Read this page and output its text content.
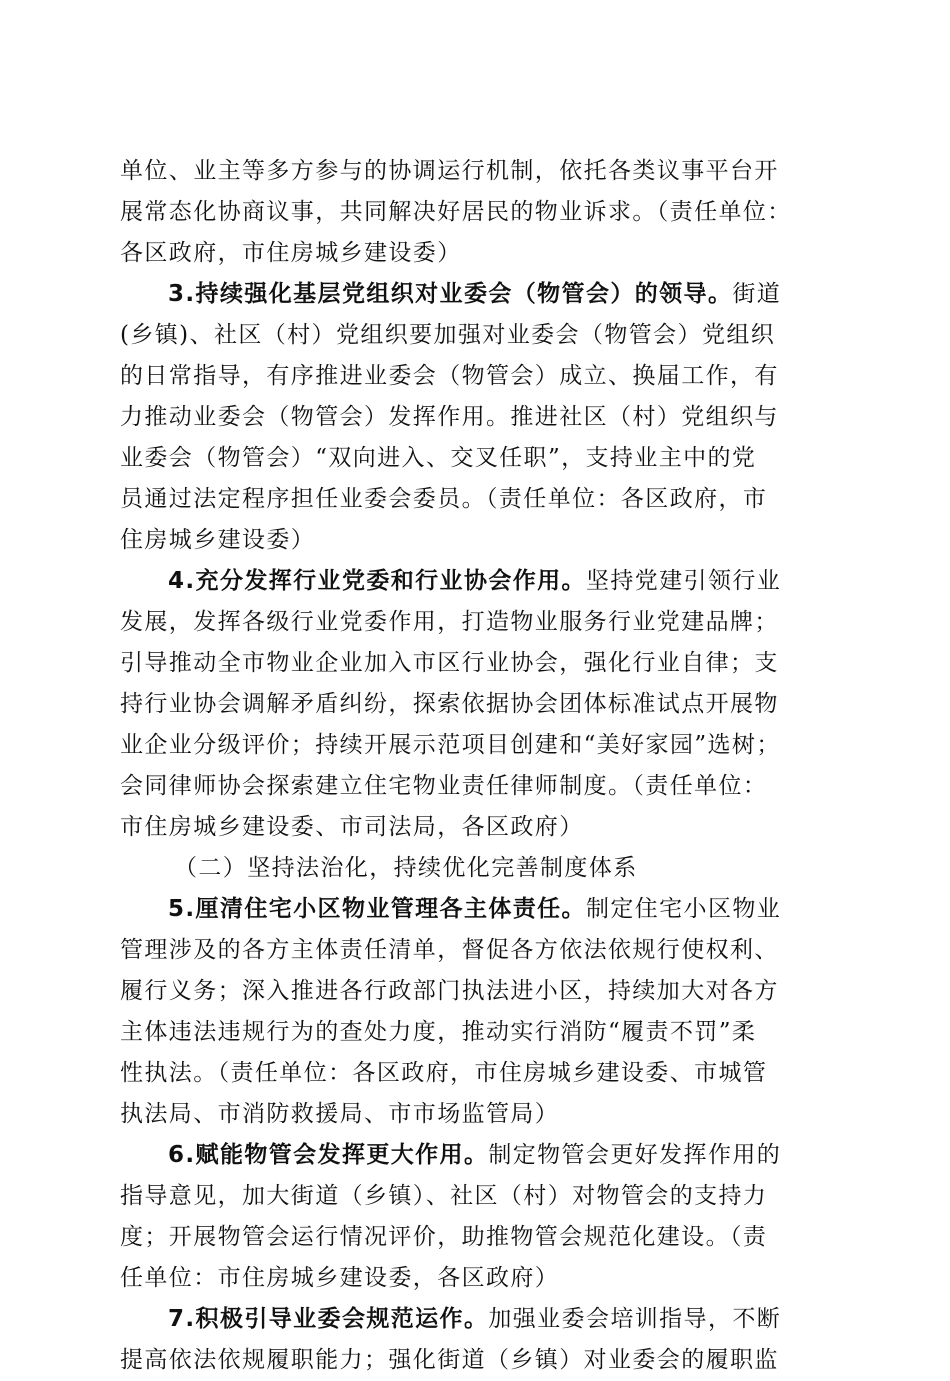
单位、业主等多方参与的协调运行机制，依托各类议事平台开
展常态化协商议事，共同解决好居民的物业诉求。（责任单位：
各区政府，市住房城乡建设委）
3.持续强化基层党组织对业委会（物管会）的领导。街道
(乡镇)、社区（村）党组织要加强对业委会（物管会）党组织
的日常指导，有序推进业委会（物管会）成立、换届工作，有
力推动业委会（物管会）发挥作用。推进社区（村）党组织与
业委会（物管会）“双向进入、交叉任职”，支持业主中的党
员通过法定程序担任业委会委员。（责任单位：各区政府，市
住房城乡建设委）
4.充分发挥行业党委和行业协会作用。坚持党建引领行业
发展，发挥各级行业党委作用，打造物业服务行业党建品牌；
引导推动全市物业企业加入市区行业协会，强化行业自律；支
持行业协会调解矛盾纠纷，探索依据协会团体标准试点开展物
业企业分级评价；持续开展示范项目创建和“美好家园”选树；
会同律师协会探索建立住宅物业责任律师制度。（责任单位：
市住房城乡建设委、市司法局，各区政府）
（二）坚持法治化，持续优化完善制度体系
5.厘清住宅小区物业管理各主体责任。制定住宅小区物业
管理涉及的各方主体责任清单，督促各方依法依规行使权利、
履行义务；深入推进各行政部门执法进小区，持续加大对各方
主体违法违规行为的查处力度，推动实行消防“履责不罚”柔
性执法。（责任单位：各区政府，市住房城乡建设委、市城管
执法局、市消防救援局、市市场监管局）
6.赋能物管会发挥更大作用。制定物管会更好发挥作用的
指导意见，加大街道（乡镇）、社区（村）对物管会的支持力
度；开展物管会运行情况评价，助推物管会规范化建设。（责
任单位：市住房城乡建设委，各区政府）
7.积极引导业委会规范运作。加强业委会培训指导，不断
提高依法依规履职能力；强化街道（乡镇）对业委会的履职监
